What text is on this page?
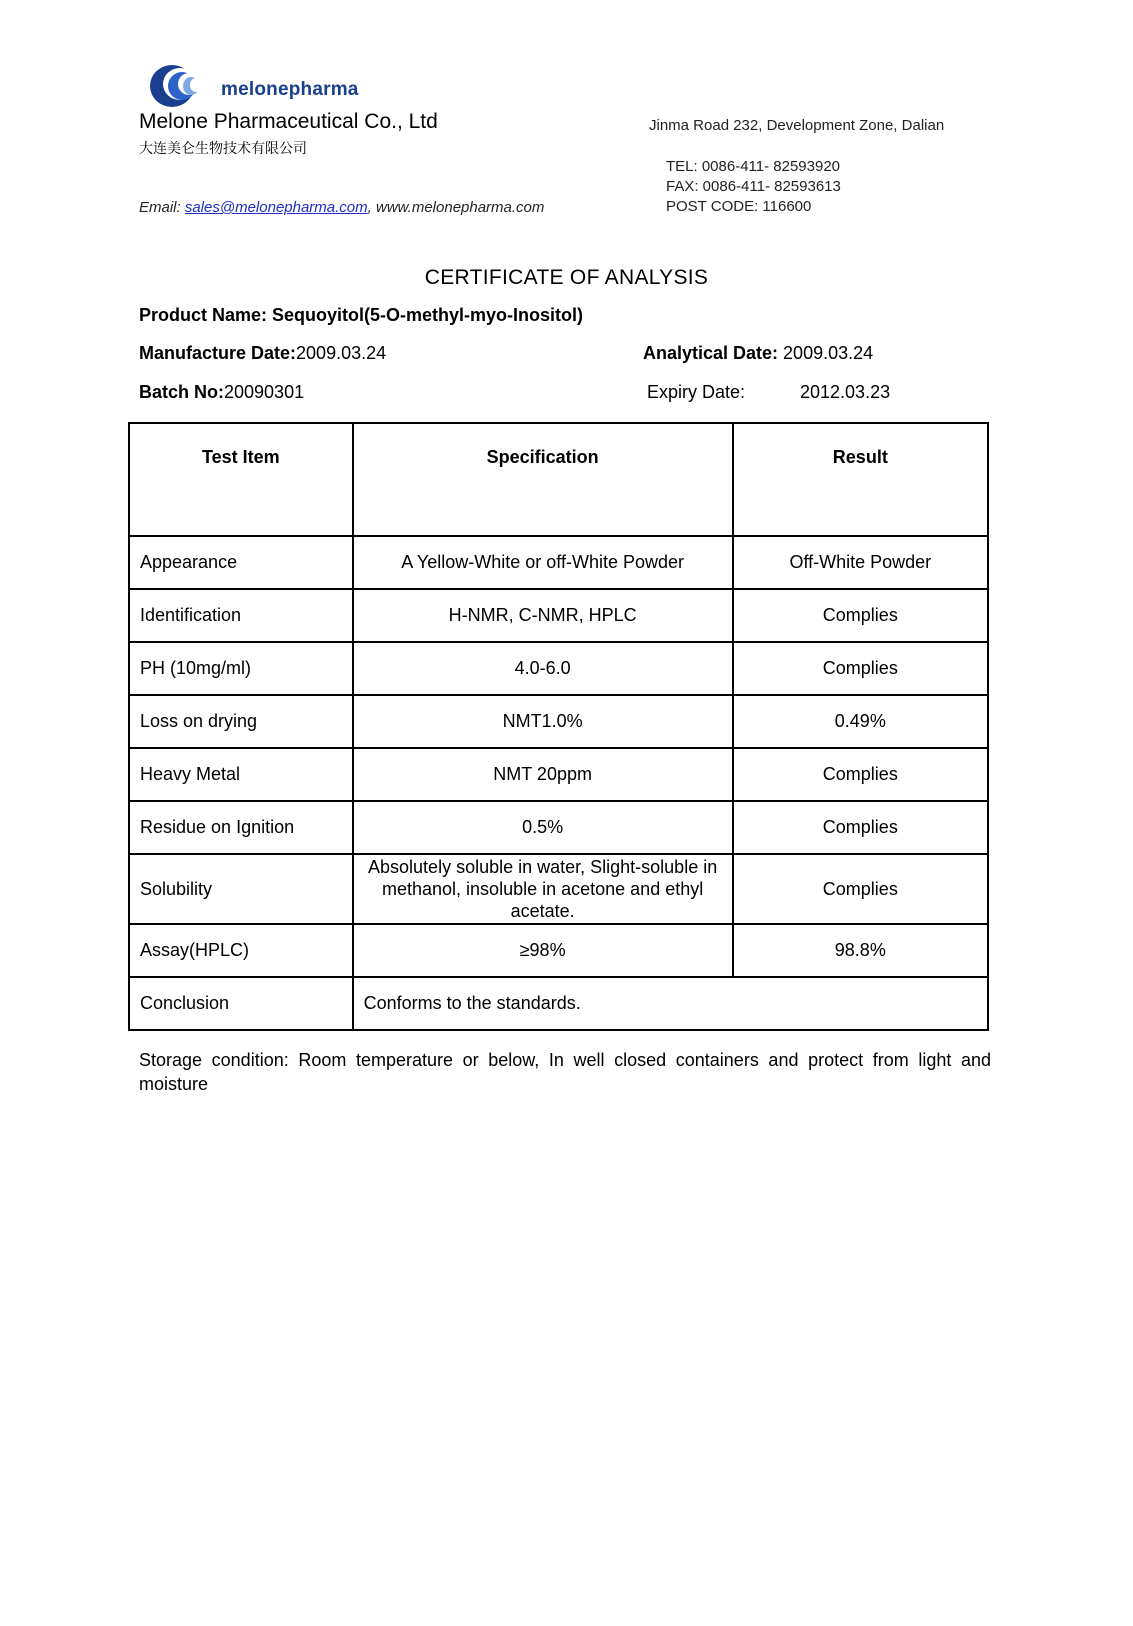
melonepharma
Melone Pharmaceutical Co., Ltd
大连美仑生物技术有限公司
Email: sales@melonepharma.com, www.melonepharma.com
Jinma Road 232, Development Zone, Dalian
TEL: 0086-411- 82593920
FAX: 0086-411- 82593613
POST CODE: 116600
CERTIFICATE OF ANALYSIS
Product Name: Sequoyitol(5-O-methyl-myo-Inositol)
Manufacture Date:2009.03.24	Analytical Date: 2009.03.24
Batch No:20090301	Expiry Date:	2012.03.23
Test Item	Specification	Result
Appearance	A Yellow-White or off-White Powder	Off-White Powder
Identification	H-NMR, C-NMR, HPLC	Complies
PH (10mg/ml)	4.0-6.0	Complies
Loss on drying	NMT1.0%	0.49%
Heavy Metal	NMT 20ppm	Complies
Residue on Ignition	0.5%	Complies
Solubility	Absolutely soluble in water, Slight-soluble in methanol, insoluble in acetone and ethyl acetate.	Complies
Assay(HPLC)	≥98%	98.8%
Conclusion	Conforms to the standards.	
Storage condition: Room temperature or below, In well closed containers and protect from light and moisture
